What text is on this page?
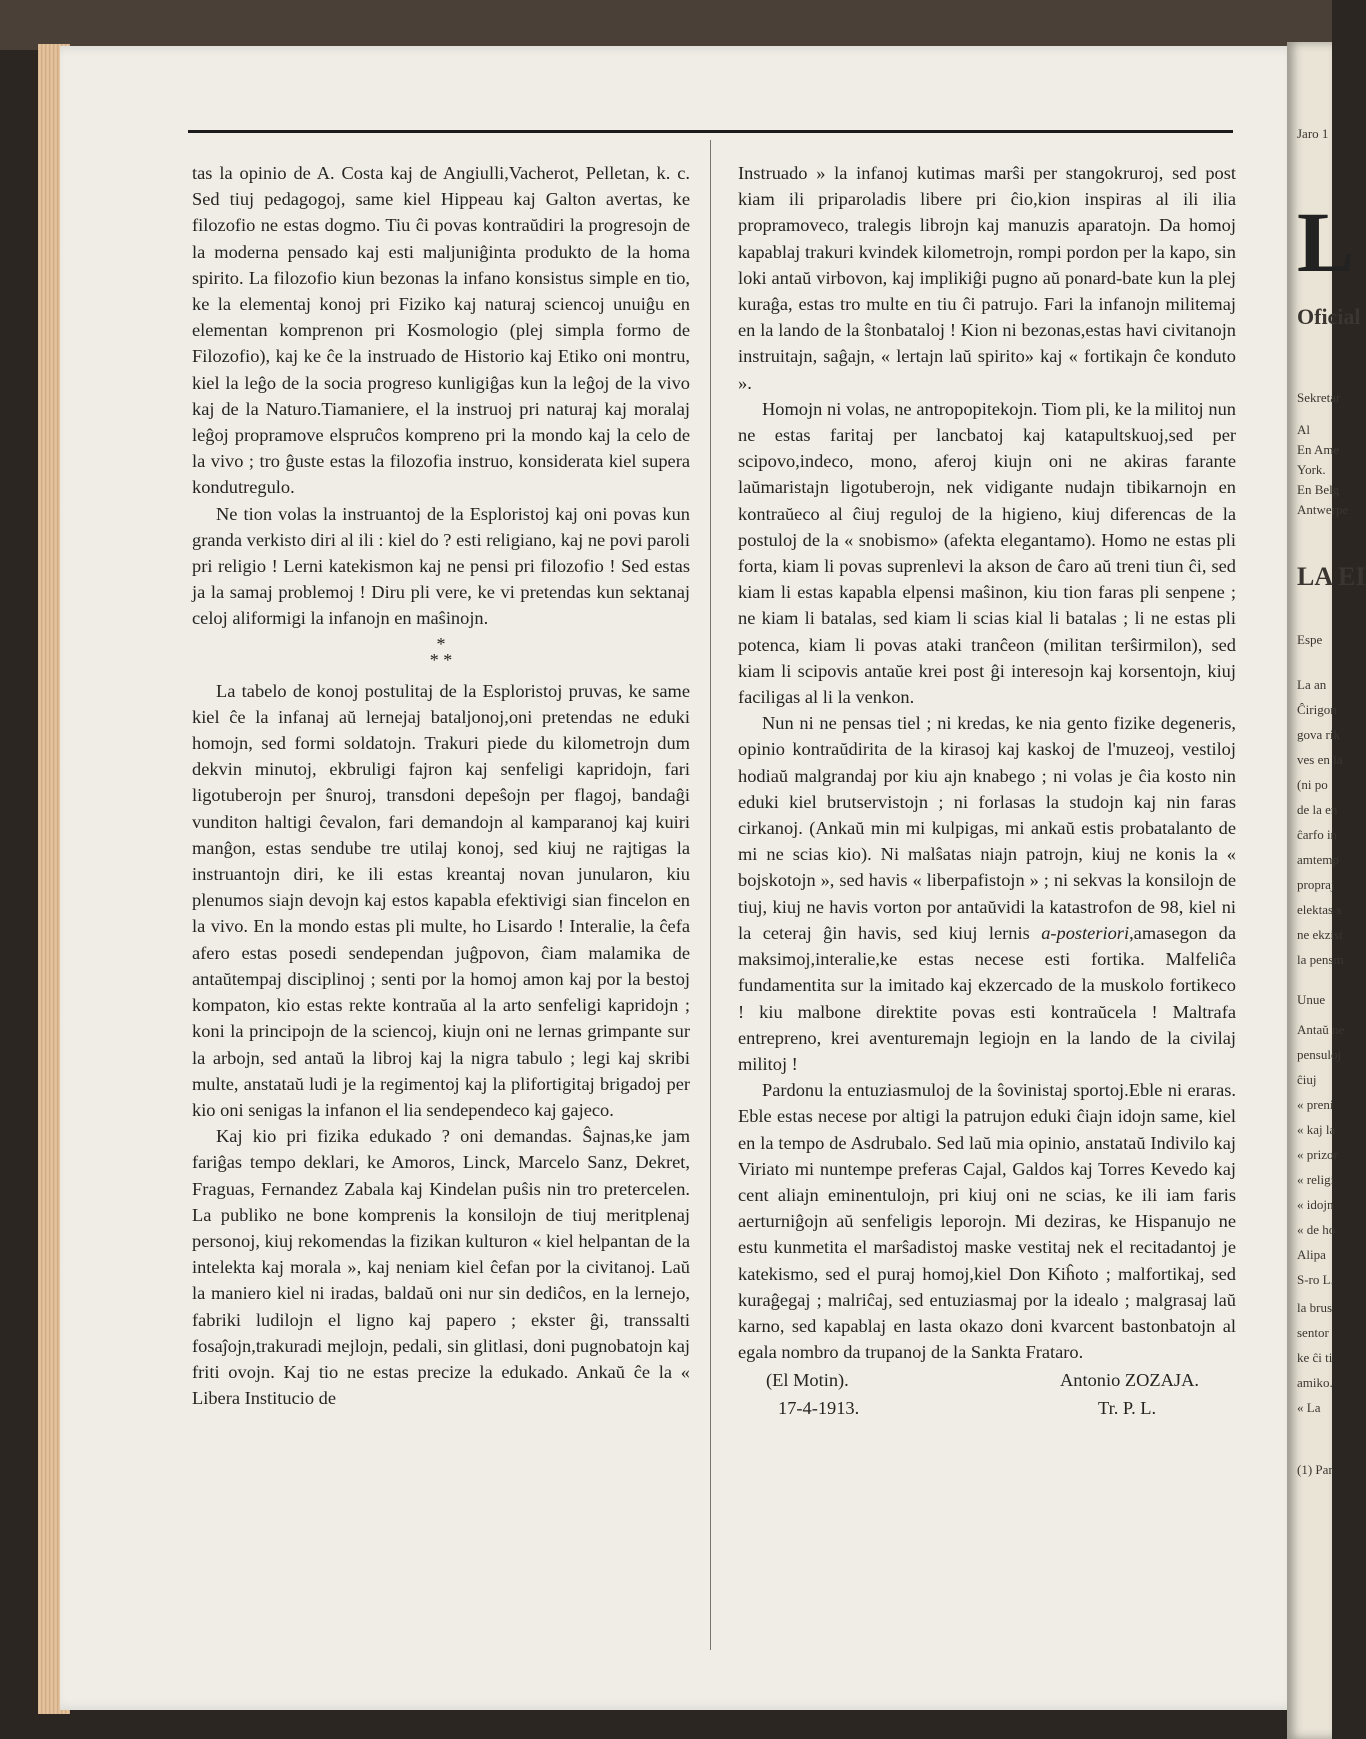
tas la opinio de A. Costa kaj de Angiulli,Vacherot, Pelletan, k. c. Sed tiuj pedagogoj, same kiel Hippeau kaj Galton avertas, ke filozofio ne estas dogmo. Tiu ĉi povas kontraŭdiri la progresojn de la moderna pensado kaj esti maljuniĝinta produkto de la homa spirito. La filozofio kiun bezonas la infano konsistus simple en tio, ke la elementaj konoj pri Fiziko kaj naturaj sciencoj unuiĝu en elementan komprenon pri Kosmologio (plej simpla formo de Filozofio), kaj ke ĉe la instruado de Historio kaj Etiko oni montru, kiel la leĝo de la socia progreso kunligiĝas kun la leĝoj de la vivo kaj de la Naturo.Tiamaniere, el la instruoj pri naturaj kaj moralaj leĝoj propramove elspruĉos kompreno pri la mondo kaj la celo de la vivo ; tro ĝuste estas la filozofia instruo, konsiderata kiel supera kondutregulo.

Ne tion volas la instruantoj de la Esploristoj kaj oni povas kun granda verkisto diri al ili : kiel do ? esti religiano, kaj ne povi paroli pri religio ! Lerni katekismon kaj ne pensi pri filozofio ! Sed estas ja la samaj problemoj ! Diru pli vere, ke vi pretendas kun sektanaj celoj aliformigi la infanojn en maŝinojn.

*
* *

La tabelo de konoj postulitaj de la Esploristoj pruvas, ke same kiel ĉe la infanaj aŭ lernejaj bataljonoj,oni pretendas ne eduki homojn, sed formi soldatojn. Trakuri piede du kilometrojn dum dekvin minutoj, ekbruligi fajron kaj senfeligi kapridojn, fari ligotuberojn per ŝnuroj, transdoni depeŝojn per flagoj, bandaĝi vunditon haltigi ĉevalon, fari demandojn al kamparanoj kaj kuiri manĝon, estas sendube tre utilaj konoj, sed kiuj ne rajtigas la instruantojn diri, ke ili estas kreantaj novan junularon, kiu plenumos siajn devojn kaj estos kapabla efektivigi sian fincelon en la vivo. En la mondo estas pli multe, ho Lisardo ! Interalie, la ĉefa afero estas posedi sendependan juĝpovon, ĉiam malamika de antaŭtempaj disciplinoj ; senti por la homoj amon kaj por la bestoj kompaton, kio estas rekte kontraŭa al la arto senfeligi kapridojn ; koni la principojn de la sciencoj, kiujn oni ne lernas grimpante sur la arbojn, sed antaŭ la libroj kaj la nigra tabulo ; legi kaj skribi multe, anstataŭ ludi je la regimentoj kaj la plifortigitaj brigadoj per kio oni senigas la infanon el lia sendependeco kaj gajeco.

Kaj kio pri fizika edukado ? oni demandas. Ŝajnas,ke jam fariĝas tempo deklari, ke Amoros, Linck, Marcelo Sanz, Dekret, Fraguas, Fernandez Zabala kaj Kindelan puŝis nin tro pretercelen. La publiko ne bone komprenis la konsilojn de tiuj meritplenaj personoj, kiuj rekomendas la fizikan kulturon « kiel helpantan de la intelekta kaj morala », kaj neniam kiel ĉefan por la civitanoj. Laŭ la maniero kiel ni iradas, baldaŭ oni nur sin dediĉos, en la lernejo, fabriki ludilojn el ligno kaj papero ; ekster ĝi, transsalti fosaĵojn,trakuradi mejlojn, pedali, sin glitlasi, doni pugnobatojn kaj friti ovojn. Kaj tio ne estas precize la edukado. Ankaŭ ĉe la « Libera Institucio de

Instruado » la infanoj kutimas marŝi per stangokruroj, sed post kiam ili priparoladis libere pri ĉio,kion inspiras al ili ilia propramoveco, tralegis librojn kaj manuzis aparatojn. Da homoj kapablaj trakuri kvindek kilometrojn, rompi pordon per la kapo, sin loki antaŭ virbovon, kaj implikiĝi pugno aŭ ponard-bate kun la plej kuraĝa, estas tro multe en tiu ĉi patrujo. Fari la infanojn militemaj en la lando de la ŝtonbataloj ! Kion ni bezonas,estas havi civitanojn instruitajn, saĝajn, « lertajn laŭ spirito» kaj « fortikajn ĉe konduto ».

Homojn ni volas, ne antropopitekojn. Tiom pli, ke la militoj nun ne estas faritaj per lancbatoj kaj katapultskuoj,sed per scipovo,indeco, mono, aferoj kiujn oni ne akiras farante laŭmaristajn ligotuberojn, nek vidigante nudajn tibikarnojn en kontraŭeco al ĉiuj reguloj de la higieno, kiuj diferencas de la postuloj de la « snobismo» (afekta elegantamo). Homo ne estas pli forta, kiam li povas suprenlevi la akson de ĉaro aŭ treni tiun ĉi, sed kiam li estas kapabla elpensi maŝinon, kiu tion faras pli senpene ; ne kiam li batalas, sed kiam li scias kial li batalas ; li ne estas pli potenca, kiam li povas ataki tranĉeon (militan terŝirmilon), sed kiam li scipovis antaŭe krei post ĝi interesojn kaj korsentojn, kiuj faciligas al li la venkon.

Nun ni ne pensas tiel ; ni kredas, ke nia gento fizike degeneris, opinio kontraŭdirita de la kirasoj kaj kaskoj de l'muzeoj, vestiloj hodiaŭ malgrandaj por kiu ajn knabego ; ni volas je ĉia kosto nin eduki kiel brutservistojn ; ni forlasas la studojn kaj nin faras cirkanoj. (Ankaŭ min mi kulpigas, mi ankaŭ estis probatalanto de mi ne scias kio). Ni malŝatas niajn patrojn, kiuj ne konis la « bojskotojn », sed havis « liberpafistojn » ; ni sekvas la konsilojn de tiuj, kiuj ne havis vorton por antaŭvidi la katastrofon de 98, kiel ni la ceteraj ĝin havis, sed kiuj lernis a-posteriori,amasegon da maksimoj,interalie,ke estas necese esti fortika. Malfeliĉa fundamentita sur la imitado kaj ekzercado de la muskolo fortikeco ! kiu malbone direktite povas esti kontraŭcela ! Maltrafa entrepreno, krei aventuremajn legiojn en la lando de la civilaj militoj !

Pardonu la entuziasmuloj de la ŝovinistaj sportoj.Eble ni eraras. Eble estas necese por altigi la patrujon eduki ĉiajn idojn same, kiel en la tempo de Asdrubalo. Sed laŭ mia opinio, anstataŭ Indivilo kaj Viriato mi nuntempe preferas Cajal, Galdos kaj Torres Kevedo kaj cent aliajn eminentulojn, pri kiuj oni ne scias, ke ili iam faris aerturniĝojn aŭ senfeligis leporojn. Mi deziras, ke Hispanujo ne estu kunmetita el marŝadistoj maske vestitaj nek el recitadantoj je katekismo, sed el puraj homoj,kiel Don Kiĥoto ; malfortikaj, sed kuraĝegaj ; malriĉaj, sed entuziasmaj por la idealo ; malgrasaj laŭ karno, sed kapablaj en lasta okazo doni kvarcent bastonbatojn al egala nombro da trupanoj de la Sankta Frataro.

(El Motin).
17-4-1913.
Antonio ZOZAJA.
Tr. P. L.
Jaro 1
L
Oficial
Sekretar
Al
En Ame
York.
En Belg
Antwerpe
LA EI
Espe
La an
Ĉirigon
gova rik
ves en la
(ni po
de la en
ĉarfo in
amtemp
propraj
elektas s
ne ekzist
la pensm
Unue
Antaŭ ne
pensuloj
ĉiuj
« preni
« kaj la
« prizor
« religi
« idojn
« de ho
Alipa
S-ro L.
la brus
sentor
ke ĉi ti
amiko.
« La
(1) Par
